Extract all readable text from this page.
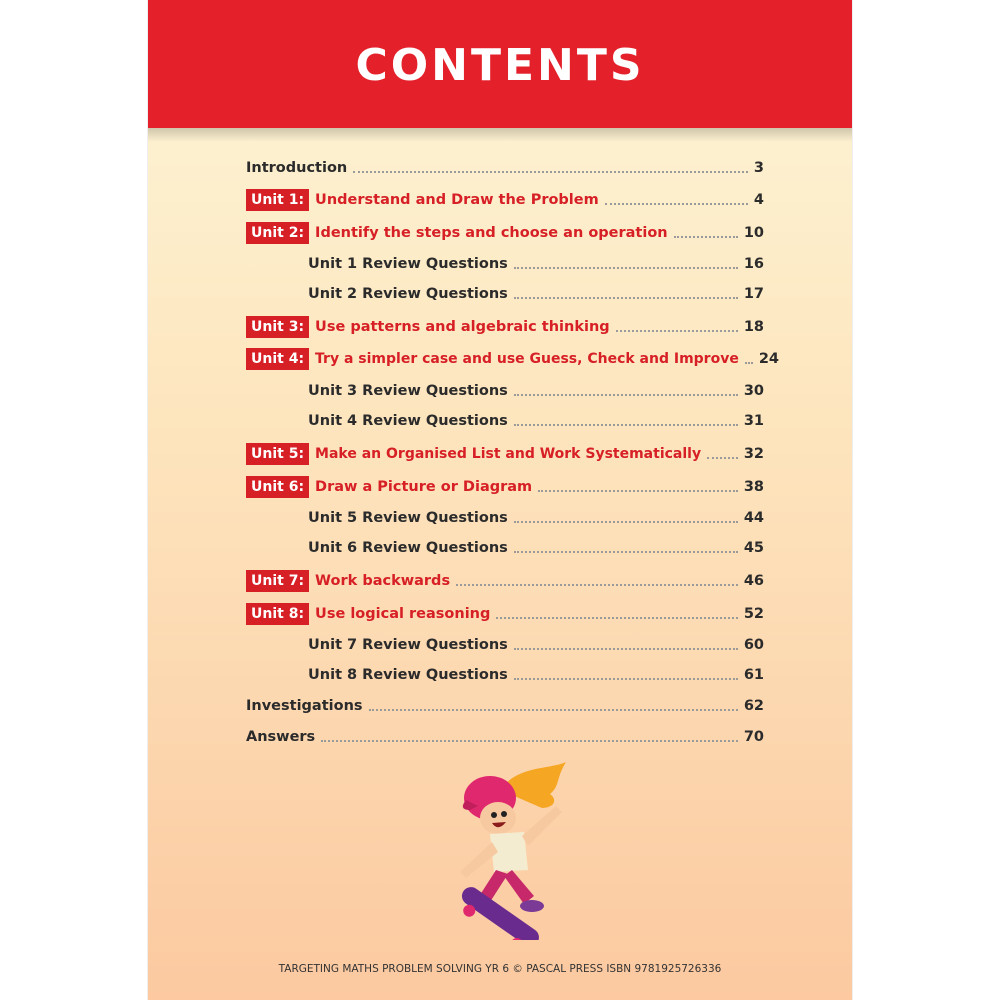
CONTENTS
Introduction	3
Unit 1: Understand and Draw the Problem	4
Unit 2: Identify the steps and choose an operation	10
Unit 1 Review Questions	16
Unit 2 Review Questions	17
Unit 3: Use patterns and algebraic thinking	18
Unit 4: Try a simpler case and use Guess, Check and Improve 24
Unit 3 Review Questions	30
Unit 4 Review Questions	31
Unit 5: Make an Organised List and Work Systematically	32
Unit 6: Draw a Picture or Diagram	38
Unit 5 Review Questions	44
Unit 6 Review Questions	45
Unit 7: Work backwards	46
Unit 8: Use logical reasoning	52
Unit 7 Review Questions	60
Unit 8 Review Questions	61
Investigations	62
Answers	70
TARGETING MATHS PROBLEM SOLVING YR 6 © PASCAL PRESS ISBN 9781925726336
